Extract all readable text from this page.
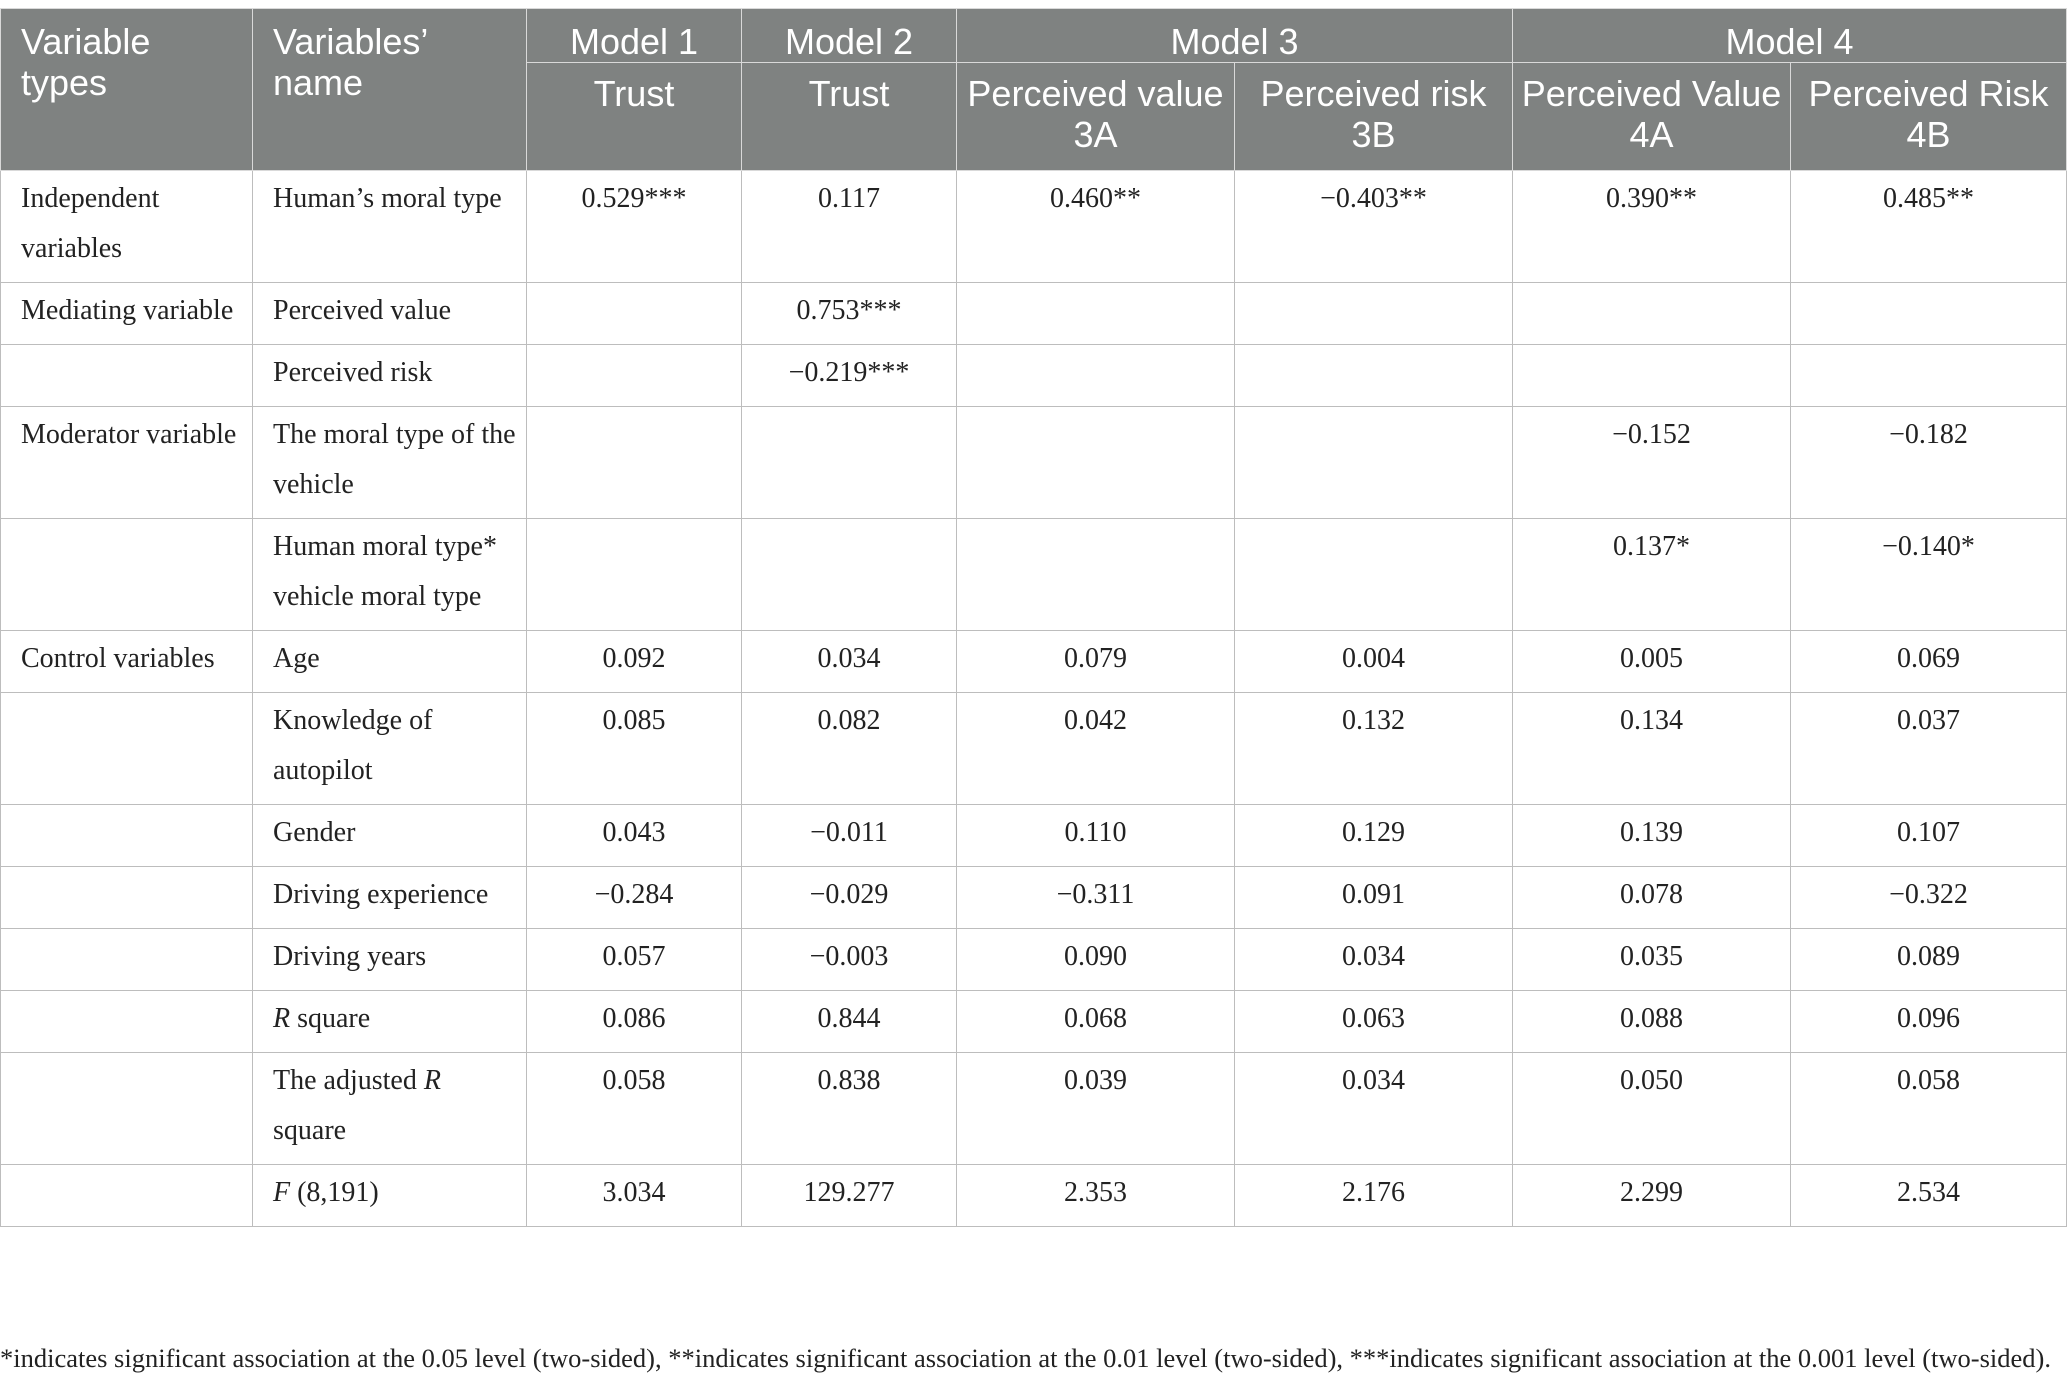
Variable types	Variables’ name	Model 1	Model 2	Model 3		Model 4	
		Trust	Trust	Perceived value 3A	Perceived risk 3B	Perceived Value 4A	Perceived Risk 4B
Independent variables	Human’s moral type	0.529***	0.117	0.460**	−0.403**	0.390**	0.485**
Mediating variable	Perceived value		0.753***				
	Perceived risk		−0.219***				
Moderator variable	The moral type of the vehicle					−0.152	−0.182
	Human moral type* vehicle moral type					0.137*	−0.140*
Control variables	Age	0.092	0.034	0.079	0.004	0.005	0.069
	Knowledge of autopilot	0.085	0.082	0.042	0.132	0.134	0.037
	Gender	0.043	−0.011	0.110	0.129	0.139	0.107
	Driving experience	−0.284	−0.029	−0.311	0.091	0.078	−0.322
	Driving years	0.057	−0.003	0.090	0.034	0.035	0.089
	R square	0.086	0.844	0.068	0.063	0.088	0.096
	The adjusted R square	0.058	0.838	0.039	0.034	0.050	0.058
	F (8,191)	3.034	129.277	2.353	2.176	2.299	2.534
*indicates significant association at the 0.05 level (two-sided), **indicates significant association at the 0.01 level (two-sided), ***indicates significant association at the 0.001 level (two-sided).
